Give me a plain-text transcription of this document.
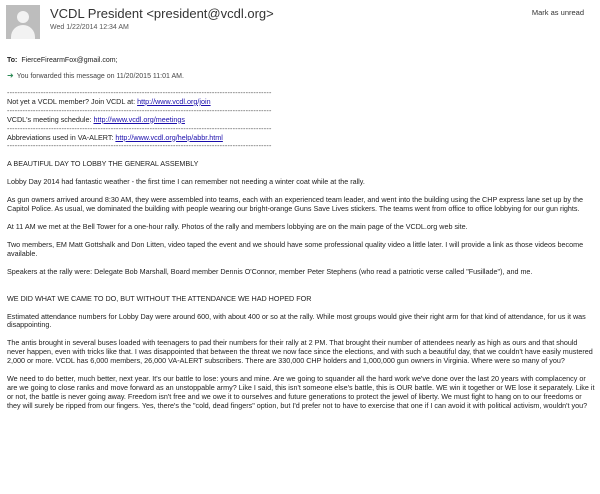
VCDL President <president@vcdl.org>
Wed 1/22/2014 12:34 AM
Mark as unread
To: FierceFirearmFox@gmail.com;
➜ You forwarded this message on 11/20/2015 11:01 AM.
------------------------------------------------------------------------------------------------------
Not yet a VCDL member? Join VCDL at: http://www.vcdl.org/join
------------------------------------------------------------------------------------------------------
VCDL's meeting schedule: http://www.vcdl.org/meetings
------------------------------------------------------------------------------------------------------
Abbreviations used in VA-ALERT: http://www.vcdl.org/help/abbr.html
------------------------------------------------------------------------------------------------------

A BEAUTIFUL DAY TO LOBBY THE GENERAL ASSEMBLY

Lobby Day 2014 had fantastic weather - the first time I can remember not needing a winter coat while at the rally.

As gun owners arrived around 8:30 AM, they were assembled into teams, each with an experienced team leader, and went into the building using the CHP express lane set up by the Capitol Police. As usual, we dominated the building with people wearing our bright-orange Guns Save Lives stickers. The teams went from office to office lobbying for our gun rights.

At 11 AM we met at the Bell Tower for a one-hour rally. Photos of the rally and members lobbying are on the main page of the VCDL.org web site.

Two members, EM Matt Gottshalk and Don Litten, video taped the event and we should have some professional quality video a little later. I will provide a link as those videos become available.

Speakers at the rally were: Delegate Bob Marshall, Board member Dennis O'Connor, member Peter Stephens (who read a patriotic verse called "Fusillade"), and me.

WE DID WHAT WE CAME TO DO, BUT WITHOUT THE ATTENDANCE WE HAD HOPED FOR

Estimated attendance numbers for Lobby Day were around 600, with about 400 or so at the rally. While most groups would give their right arm for that kind of attendance, for us it was disappointing.

The antis brought in several buses loaded with teenagers to pad their numbers for their rally at 2 PM. That brought their number of attendees nearly as high as ours and that should never happen, even with tricks like that. I was disappointed that between the threat we now face since the elections, and with such a beautiful day, that we couldn't have easily mustered 2,000 or more. VCDL has 6,000 members, 26,000 VA-ALERT subscribers. There are 330,000 CHP holders and 1,000,000 gun owners in Virginia. Where were so many of you?

We need to do better, much better, next year. It's our battle to lose: yours and mine. Are we going to squander all the hard work we've done over the last 20 years with complacency or are we going to close ranks and move forward as an unstoppable army? Like I said, this isn't someone else's battle, this is OUR battle. WE win it together or WE lose it separately. Like it or not, the battle is never going away. Freedom isn't free and we owe it to ourselves and future generations to protect the jewel of liberty. We must fight to hang on to our freedoms or they will surely be ripped from our fingers. Yes, there's the "cold, dead fingers" option, but I'd prefer not to have to exercise that one if I can avoid it with political activism, wouldn't you?
